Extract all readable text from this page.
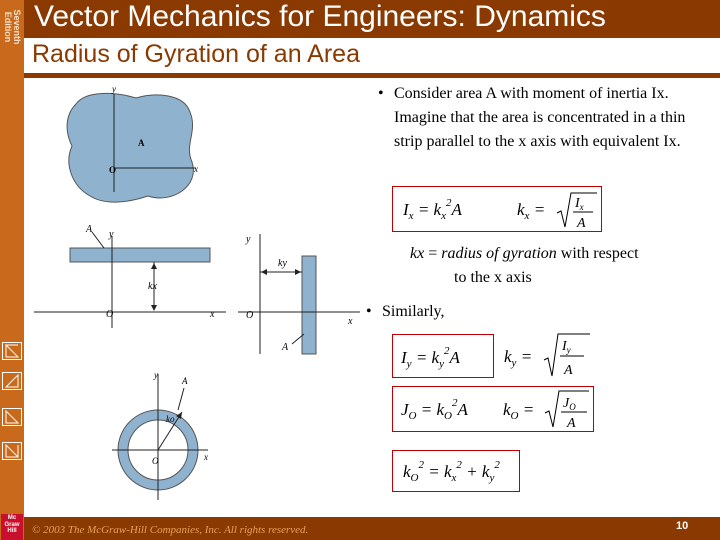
Seventh
Edition
Mc
Graw
Hill
Vector Mechanics for Engineers: Dynamics
Radius of Gyration of an Area
y
x
O
A
A y
x
O
kx
y
x
O
ky
A
y
x
O
A
ko
• Consider area A with moment of inertia Ix. Imagine that the area is concentrated in a thin strip parallel to the x axis with equivalent Ix.
$I_x = k_x^2A$	$k_x = I_x$
A
kx = radius of gyration with respect
to the x axis
• Similarly,
$I_y = k_y^2A$	$k_y$ =
$I_y$
A
$J_O = k_O^2A$ $k_O = J_O$
A
$k_O^2 = k_x^2 + k_y^2$
© 2003 The McGraw-Hill Companies, Inc. All rights reserved.	10
